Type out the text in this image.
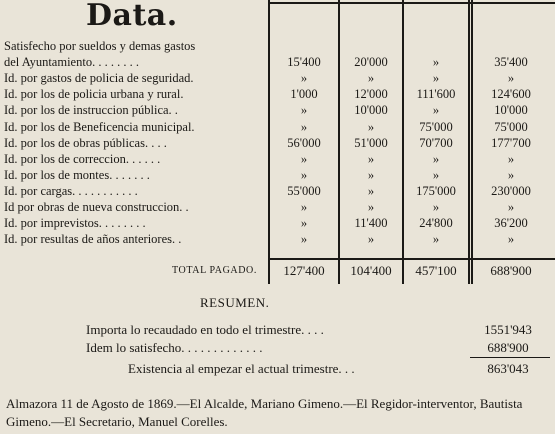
Data.
Satisfecho por sueldos y demas gastos
del Ayuntamiento. . . . . . . .	15'400	20'000	»	35'400
Id. por gastos de policia de seguridad.	»	»	»	»
Id. por los de policia urbana y rural.	1'000	12'000	111'600	124'600
Id. por los de instruccion pública. .	»	10'000	»	10'000
Id. por los de Beneficencia municipal.	»	»	75'000	75'000
Id. por los de obras públicas. . . .	56'000	51'000	70'700	177'700
Id. por los de correccion. . . . . .	»	»	»	»
Id. por los de montes. . . . . . .	»	»	»	»
Id. por cargas. . . . . . . . . . .	55'000	»	175'000	230'000
Id por obras de nueva construccion. .	»	»	»	»
Id. por imprevistos. . . . . . . .	»	11'400	24'800	36'200
Id. por resultas de años anteriores. .	»	»	»	»
TOTAL PAGADO.	127'400	104'400	457'100	688'900
RESUMEN.
Importa lo recaudado en todo el trimestre. . . .	1551'943
Idem lo satisfecho. . . . . . . . . . . . .	688'900
Existencia al empezar el actual trimestre. . .	863'043
Almazora 11 de Agosto de 1869.—El Alcalde, Mariano Gimeno.—El Regidor-interventor, Bautista Gimeno.—El Secretario, Manuel Corelles.
